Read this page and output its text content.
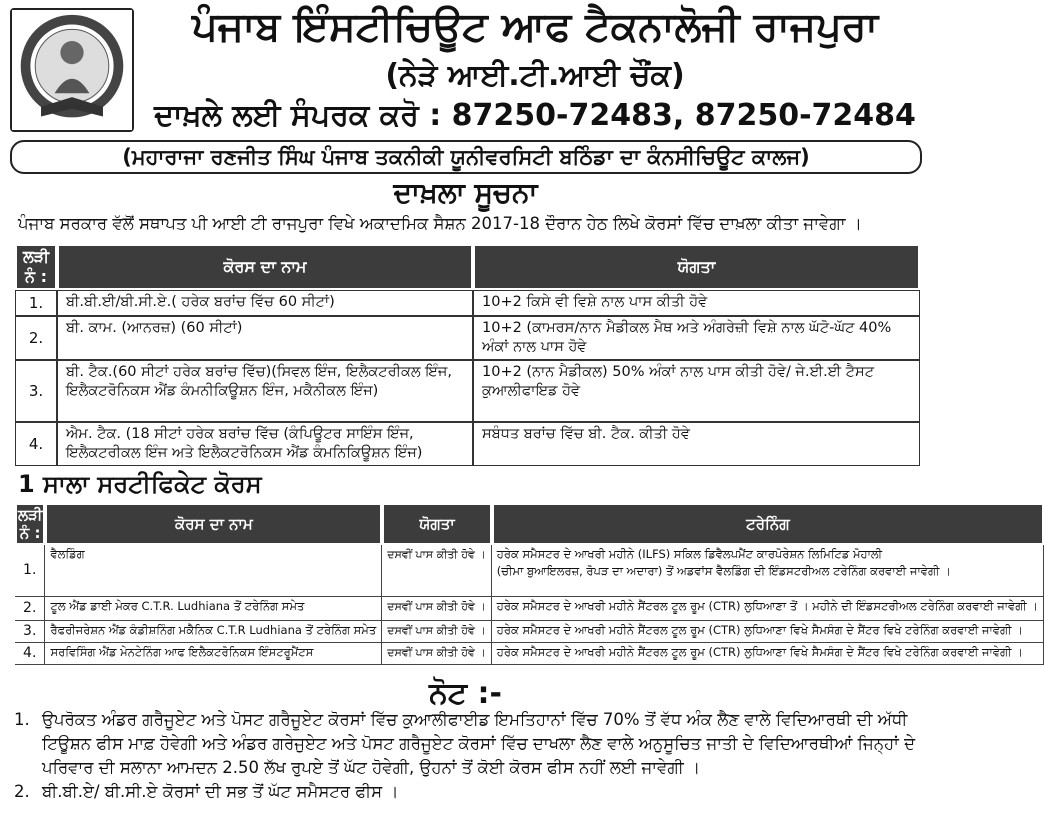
ਪੰਜਾਬ ਇੰਸਟੀਚਿਊਟ ਆਫ ਟੈਕਨਾਲੋਜੀ ਰਾਜਪੁਰਾ
(ਨੇੜੇ ਆਈ.ਟੀ.ਆਈ ਚੌਂਕ)
ਦਾਖ਼ਲੇ ਲਈ ਸੰਪਰਕ ਕਰੋ : 87250-72483, 87250-72484
(ਮਹਾਰਾਜਾ ਰਣਜੀਤ ਸਿੰਘ ਪੰਜਾਬ ਤਕਨੀਕੀ ਯੂਨੀਵਰਸਿਟੀ ਬਠਿੰਡਾ ਦਾ ਕੰਨਸੀਚਿਊਟ ਕਾਲਜ)
ਦਾਖ਼ਲਾ ਸੂਚਨਾ
ਪੰਜਾਬ ਸਰਕਾਰ ਵੱਲੋਂ ਸਥਾਪਤ ਪੀ ਆਈ ਟੀ ਰਾਜਪੁਰਾ ਵਿਖੇ ਅਕਾਦਮਿਕ ਸੈਸ਼ਨ 2017-18 ਦੌਰਾਨ ਹੇਠ ਲਿਖੇ ਕੋਰਸਾਂ ਵਿੱਚ ਦਾਖ਼ਲਾ ਕੀਤਾ ਜਾਵੇਗਾ ।
ਲੜੀ
ਨੰ :	ਕੋਰਸ ਦਾ ਨਾਮ	ਯੋਗਤਾ
1.	ਬੀ.ਬੀ.ਈ/ਬੀ.ਸੀ.ਏ.( ਹਰੇਕ ਬਰਾਂਚ ਵਿੱਚ 60 ਸੀਟਾਂ)	10+2 ਕਿਸੇ ਵੀ ਵਿਸ਼ੇ ਨਾਲ ਪਾਸ ਕੀਤੀ ਹੋਵੇ
2.	ਬੀ. ਕਾਮ. (ਆਨਰਜ਼) (60 ਸੀਟਾਂ)	10+2 (ਕਾਮਰਸ/ਨਾਨ ਮੈਡੀਕਲ ਮੈਥ ਅਤੇ ਅੰਗਰੇਜ਼ੀ ਵਿਸ਼ੇ ਨਾਲ ਘੱਟੋ-ਘੱਟ 40% ਅੰਕਾਂ ਨਾਲ ਪਾਸ ਹੋਵੇ
3.	ਬੀ. ਟੈਕ.(60 ਸੀਟਾਂ ਹਰੇਕ ਬਰਾਂਚ ਵਿੱਚ)(ਸਿਵਲ ਇੰਜ, ਇਲੈਕਟਰੀਕਲ ਇੰਜ, ਇਲੈਕਟਰੋਨਿਕਸ ਐਂਡ ਕੰਮਨੀਕਿਊਸ਼ਨ ਇੰਜ, ਮਕੈਨੀਕਲ ਇੰਜ)	10+2 (ਨਾਨ ਮੈਡੀਕਲ) 50% ਅੰਕਾਂ ਨਾਲ ਪਾਸ ਕੀਤੀ ਹੋਵੇ/ ਜੇ.ਈ.ਈ ਟੈਸਟ ਕੁਆਲੀਫਾਇਡ ਹੋਵੇ
4.	ਐਮ. ਟੈਕ. (18 ਸੀਟਾਂ ਹਰੇਕ ਬਰਾਂਚ ਵਿੱਚ (ਕੰਪਿਊਟਰ ਸਾਇੰਸ ਇੰਜ, ਇਲੈਕਟਰੀਕਲ ਇੰਜ ਅਤੇ ਇਲੈਕਟਰੋਨਿਕਸ ਐਂਡ ਕੰਮਨਿਕਿਊਸ਼ਨ ਇੰਜ)	ਸਬੰਧਤ ਬਰਾਂਚ ਵਿੱਚ ਬੀ. ਟੈਕ. ਕੀਤੀ ਹੋਵੇ
1 ਸਾਲਾ ਸਰਟੀਫਿਕੇਟ ਕੋਰਸ
ਲੜੀ
ਨੰ :	ਕੋਰਸ ਦਾ ਨਾਮ	ਯੋਗਤਾ	ਟਰੇਨਿੰਗ
1.	ਵੈਲਡਿੰਗ	ਦਸਵੀਂ ਪਾਸ ਕੀਤੀ ਹੋਵੇ ।	ਹਰੇਕ ਸਮੈਸਟਰ ਦੇ ਆਖਰੀ ਮਹੀਨੇ (ILFS) ਸਕਿਲ ਡਿਵੈਲਪਮੈਂਟ ਕਾਰਪੋਰੇਸ਼ਨ ਲਿਮਿਟਿਡ ਮੋਹਾਲੀ
(ਚੀਮਾ ਬੁਆਇਲਰਜ਼, ਰੋਪੜ ਦਾ ਅਦਾਰਾ) ਤੋਂ ਅਡਵਾਂਸ ਵੈਲਡਿੰਗ ਦੀ ਇੰਡਸਟਰੀਅਲ ਟਰੇਨਿੰਗ ਕਰਵਾਈ ਜਾਵੇਗੀ ।

2.	ਟੂਲ ਐਂਡ ਡਾਈ ਮੇਕਰ C.T.R. Ludhiana ਤੋਂ ਟਰੇਨਿੰਗ ਸਮੇਤ	ਦਸਵੀਂ ਪਾਸ ਕੀਤੀ ਹੋਵੇ ।	ਹਰੇਕ ਸਮੈਸਟਰ ਦੇ ਆਖਰੀ ਮਹੀਨੇ ਸੈਂਟਰਲ ਟੂਲ ਰੂਮ (CTR) ਲੁਧਿਆਣਾ ਤੋਂ । ਮਹੀਨੇ ਦੀ ਇੰਡਸਟਰੀਅਲ ਟਰੇਨਿੰਗ ਕਰਵਾਈ ਜਾਵੇਗੀ ।
3.	ਰੈਫਰੀਜਰੇਸ਼ਨ ਐਂਡ ਕੰਡੀਸ਼ਨਿੰਗ ਮਕੈਨਿਕ C.T.R Ludhiana ਤੋਂ ਟਰੇਨਿੰਗ ਸਮੇਤ	ਦਸਵੀਂ ਪਾਸ ਕੀਤੀ ਹੋਵੇ ।	ਹਰੇਕ ਸਮੈਸਟਰ ਦੇ ਆਖਰੀ ਮਹੀਨੇ ਸੈਂਟਰਲ ਟੂਲ ਰੂਮ (CTR) ਲੁਧਿਆਣਾ ਵਿਖੇ ਸੈਮਸੰਗ ਦੇ ਸੈਂਟਰ ਵਿਖੇ ਟਰੇਨਿੰਗ ਕਰਵਾਈ ਜਾਵੇਗੀ ।
4.	ਸਰਵਿਸਿੰਗ ਐਂਡ ਮੇਨਟੇਨਿੰਗ ਆਫ ਇਲੈਕਟਰੋਨਿਕਸ ਇੰਸਟਰੂਮੈਂਟਸ	ਦਸਵੀਂ ਪਾਸ ਕੀਤੀ ਹੋਵੇ ।	ਹਰੇਕ ਸਮੈਸਟਰ ਦੇ ਆਖਰੀ ਮਹੀਨੇ ਸੈਂਟਰਲ ਟੂਲ ਰੂਮ (CTR) ਲੁਧਿਆਣਾ ਵਿਖੇ ਸੈਮਸੰਗ ਦੇ ਸੈਂਟਰ ਵਿਖੇ ਟਰੇਨਿੰਗ ਕਰਵਾਈ ਜਾਵੇਗੀ ।
ਨੋਟ :-
1. ਉਪਰੋਕਤ ਅੰਡਰ ਗਰੈਜੂਏਟ ਅਤੇ ਪੋਸਟ ਗਰੈਜੂਏਟ ਕੋਰਸਾਂ ਵਿੱਚ ਕੁਆਲੀਫਾਈਡ ਇਮਤਿਹਾਨਾਂ ਵਿੱਚ 70% ਤੋਂ ਵੱਧ ਅੰਕ ਲੈਣ ਵਾਲੇ ਵਿਦਿਆਰਥੀ ਦੀ ਅੱਧੀ ਟਿਊਸ਼ਨ ਫੀਸ ਮਾਫ਼ ਹੋਵੇਗੀ ਅਤੇ ਅੰਡਰ ਗਰੇਜੁਏਟ ਅਤੇ ਪੋਸਟ ਗਰੈਜੂਏਟ ਕੋਰਸਾਂ ਵਿੱਚ ਦਾਖਲਾ ਲੈਣ ਵਾਲੇ ਅਨੁਸੂਚਿਤ ਜਾਤੀ ਦੇ ਵਿਦਿਆਰਥੀਆਂ ਜਿਨ੍ਹਾਂ ਦੇ ਪਰਿਵਾਰ ਦੀ ਸਲਾਨਾ ਆਮਦਨ 2.50 ਲੱਖ ਰੁਪਏ ਤੋਂ ਘੱਟ ਹੋਵੇਗੀ, ਉਹਨਾਂ ਤੋਂ ਕੋਈ ਕੋਰਸ ਫੀਸ ਨਹੀਂ ਲਈ ਜਾਵੇਗੀ ।
2. ਬੀ.ਬੀ.ਏ/ ਬੀ.ਸੀ.ਏ ਕੋਰਸਾਂ ਦੀ ਸਭ ਤੋਂ ਘੱਟ ਸਮੈਸਟਰ ਫੀਸ ।
